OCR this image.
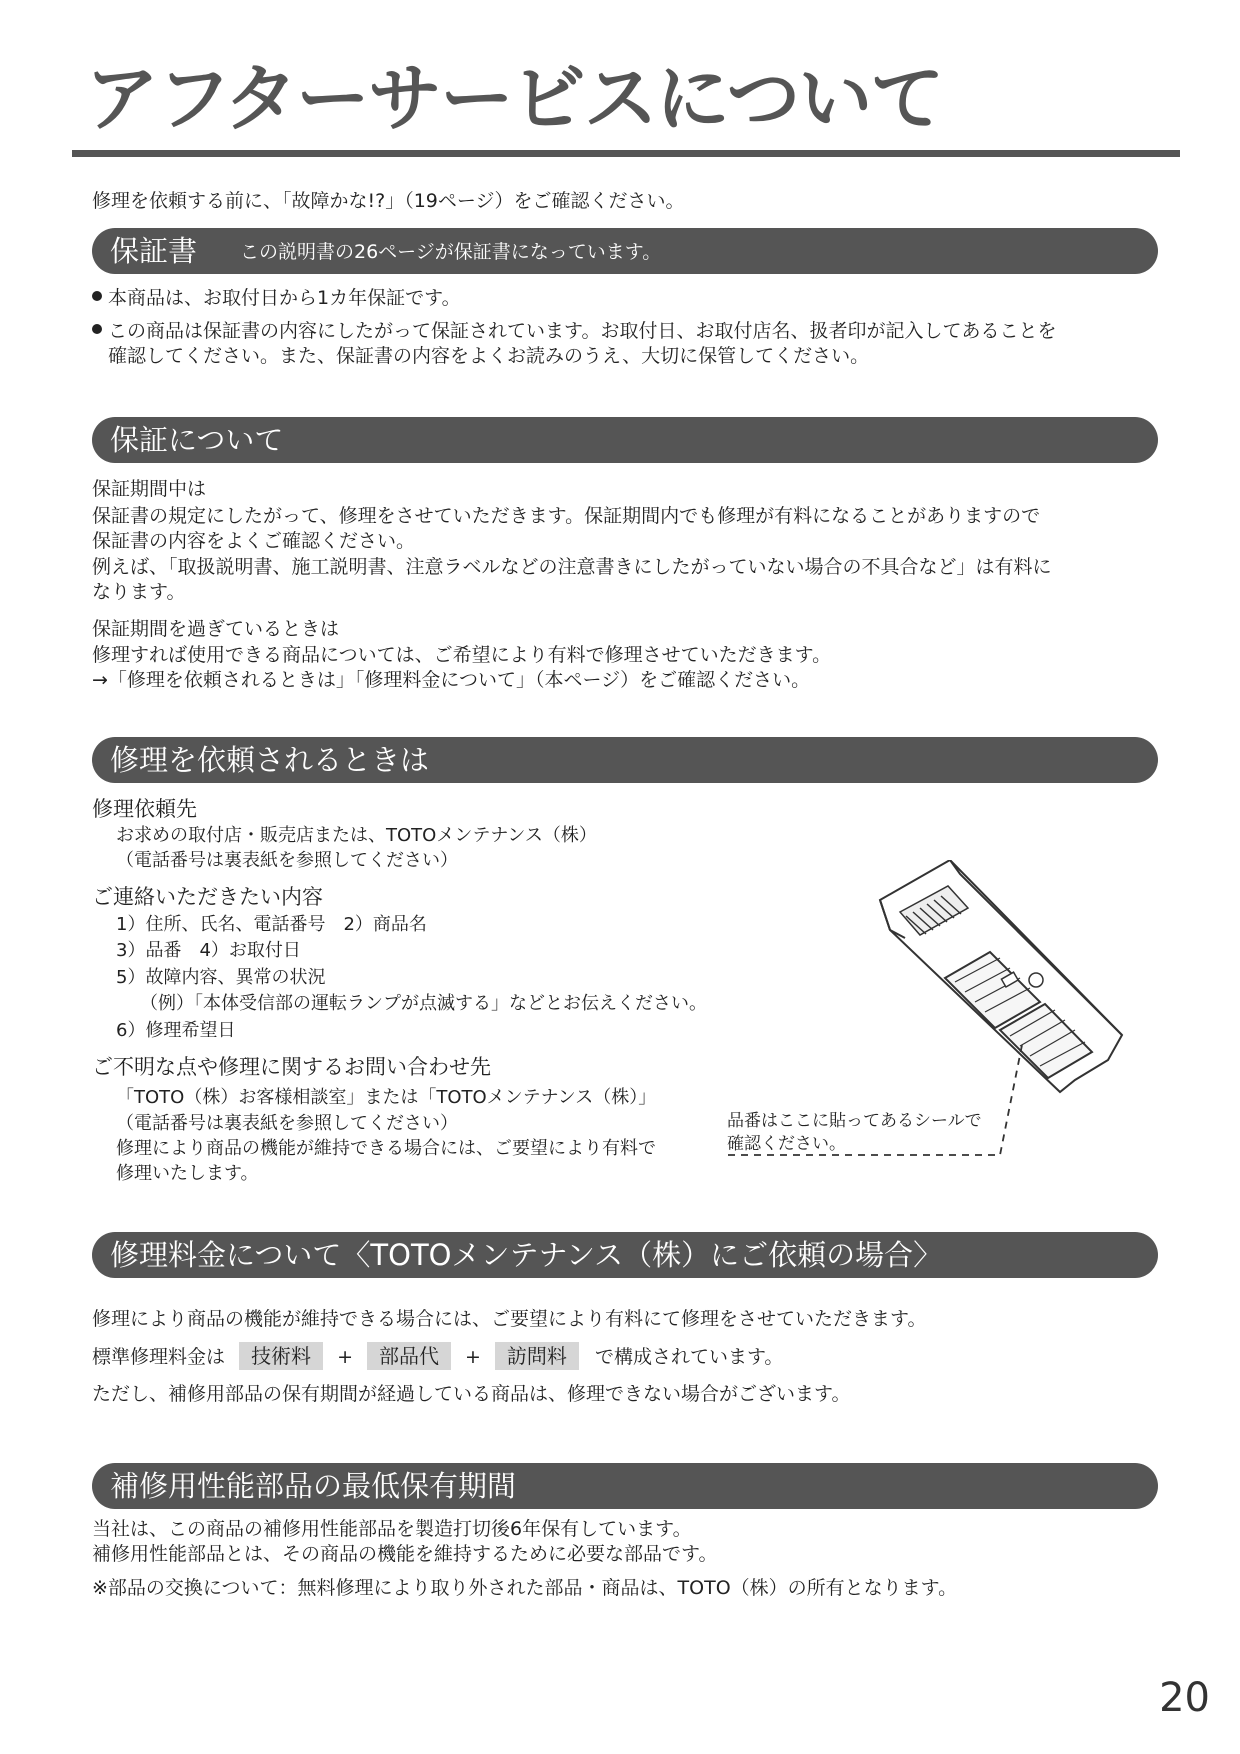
アフターサービスについて
修理を依頼する前に、「故障かな!?」（19ページ）をご確認ください。
保証書 この説明書の26ページが保証書になっています。
本商品は、お取付日から1カ年保証です。
この商品は保証書の内容にしたがって保証されています。お取付日、お取付店名、扱者印が記入してあることを
確認してください。また、保証書の内容をよくお読みのうえ、大切に保管してください。
保証について
保証期間中は
保証書の規定にしたがって、修理をさせていただきます。保証期間内でも修理が有料になることがありますので
保証書の内容をよくご確認ください。
例えば、「取扱説明書、施工説明書、注意ラベルなどの注意書きにしたがっていない場合の不具合など」は有料に
なります。
保証期間を過ぎているときは
修理すれば使用できる商品については、ご希望により有料で修理させていただきます。
→「修理を依頼されるときは」「修理料金について」（本ページ）をご確認ください。
修理を依頼されるときは
修理依頼先
お求めの取付店・販売店または、TOTOメンテナンス（株）
（電話番号は裏表紙を参照してください）
ご連絡いただきたい内容
1）住所、氏名、電話番号　2）商品名
3）品番　4）お取付日
5）故障内容、異常の状況
（例）「本体受信部の運転ランプが点滅する」などとお伝えください。
6）修理希望日
ご不明な点や修理に関するお問い合わせ先
「TOTO（株）お客様相談室」または「TOTOメンテナンス（株）」
（電話番号は裏表紙を参照してください）
修理により商品の機能が維持できる場合には、ご要望により有料で
修理いたします。
品番はここに貼ってあるシールで
確認ください。
修理料金について〈TOTOメンテナンス（株）にご依頼の場合〉
修理により商品の機能が維持できる場合には、ご要望により有料にて修理をさせていただきます。
標準修理料金は 技術料 + 部品代 + 訪問料 で構成されています。
ただし、補修用部品の保有期間が経過している商品は、修理できない場合がございます。
補修用性能部品の最低保有期間
当社は、この商品の補修用性能部品を製造打切後6年保有しています。
補修用性能部品とは、その商品の機能を維持するために必要な部品です。
※部品の交換について：無料修理により取り外された部品・商品は、TOTO（株）の所有となります。
20
